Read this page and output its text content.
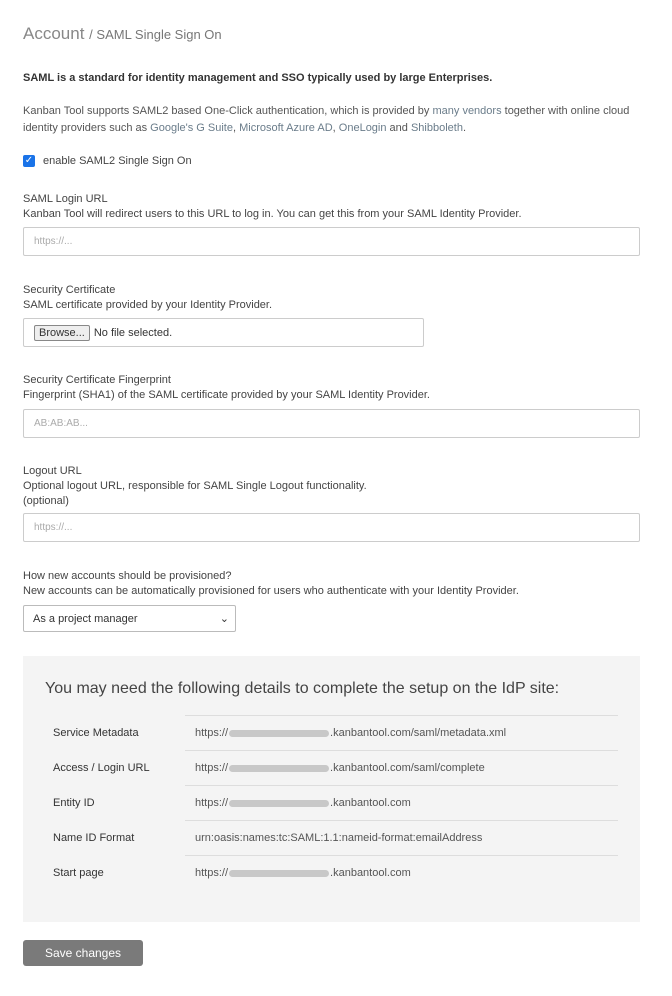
Account / SAML Single Sign On
SAML is a standard for identity management and SSO typically used by large Enterprises.
Kanban Tool supports SAML2 based One-Click authentication, which is provided by many vendors together with online cloud identity providers such as Google's G Suite, Microsoft Azure AD, OneLogin and Shibboleth.
✓ enable SAML2 Single Sign On
SAML Login URL
Kanban Tool will redirect users to this URL to log in. You can get this from your SAML Identity Provider.
https://...
Security Certificate
SAML certificate provided by your Identity Provider.
Browse... No file selected.
Security Certificate Fingerprint
Fingerprint (SHA1) of the SAML certificate provided by your SAML Identity Provider.
AB:AB:AB...
Logout URL
Optional logout URL, responsible for SAML Single Logout functionality.
(optional)
https://...
How new accounts should be provisioned?
New accounts can be automatically provisioned for users who authenticate with your Identity Provider.
As a project manager	⌄
You may need the following details to complete the setup on the IdP site:
Service Metadata	https://	.kanbantool.com/saml/metadata.xml
Access / Login URL	https://	.kanbantool.com/saml/complete
Entity ID	https://	.kanbantool.com
Name ID Format	urn:oasis:names:tc:SAML:1.1:nameid-format:emailAddress
Start page	https://	.kanbantool.com
Save changes
